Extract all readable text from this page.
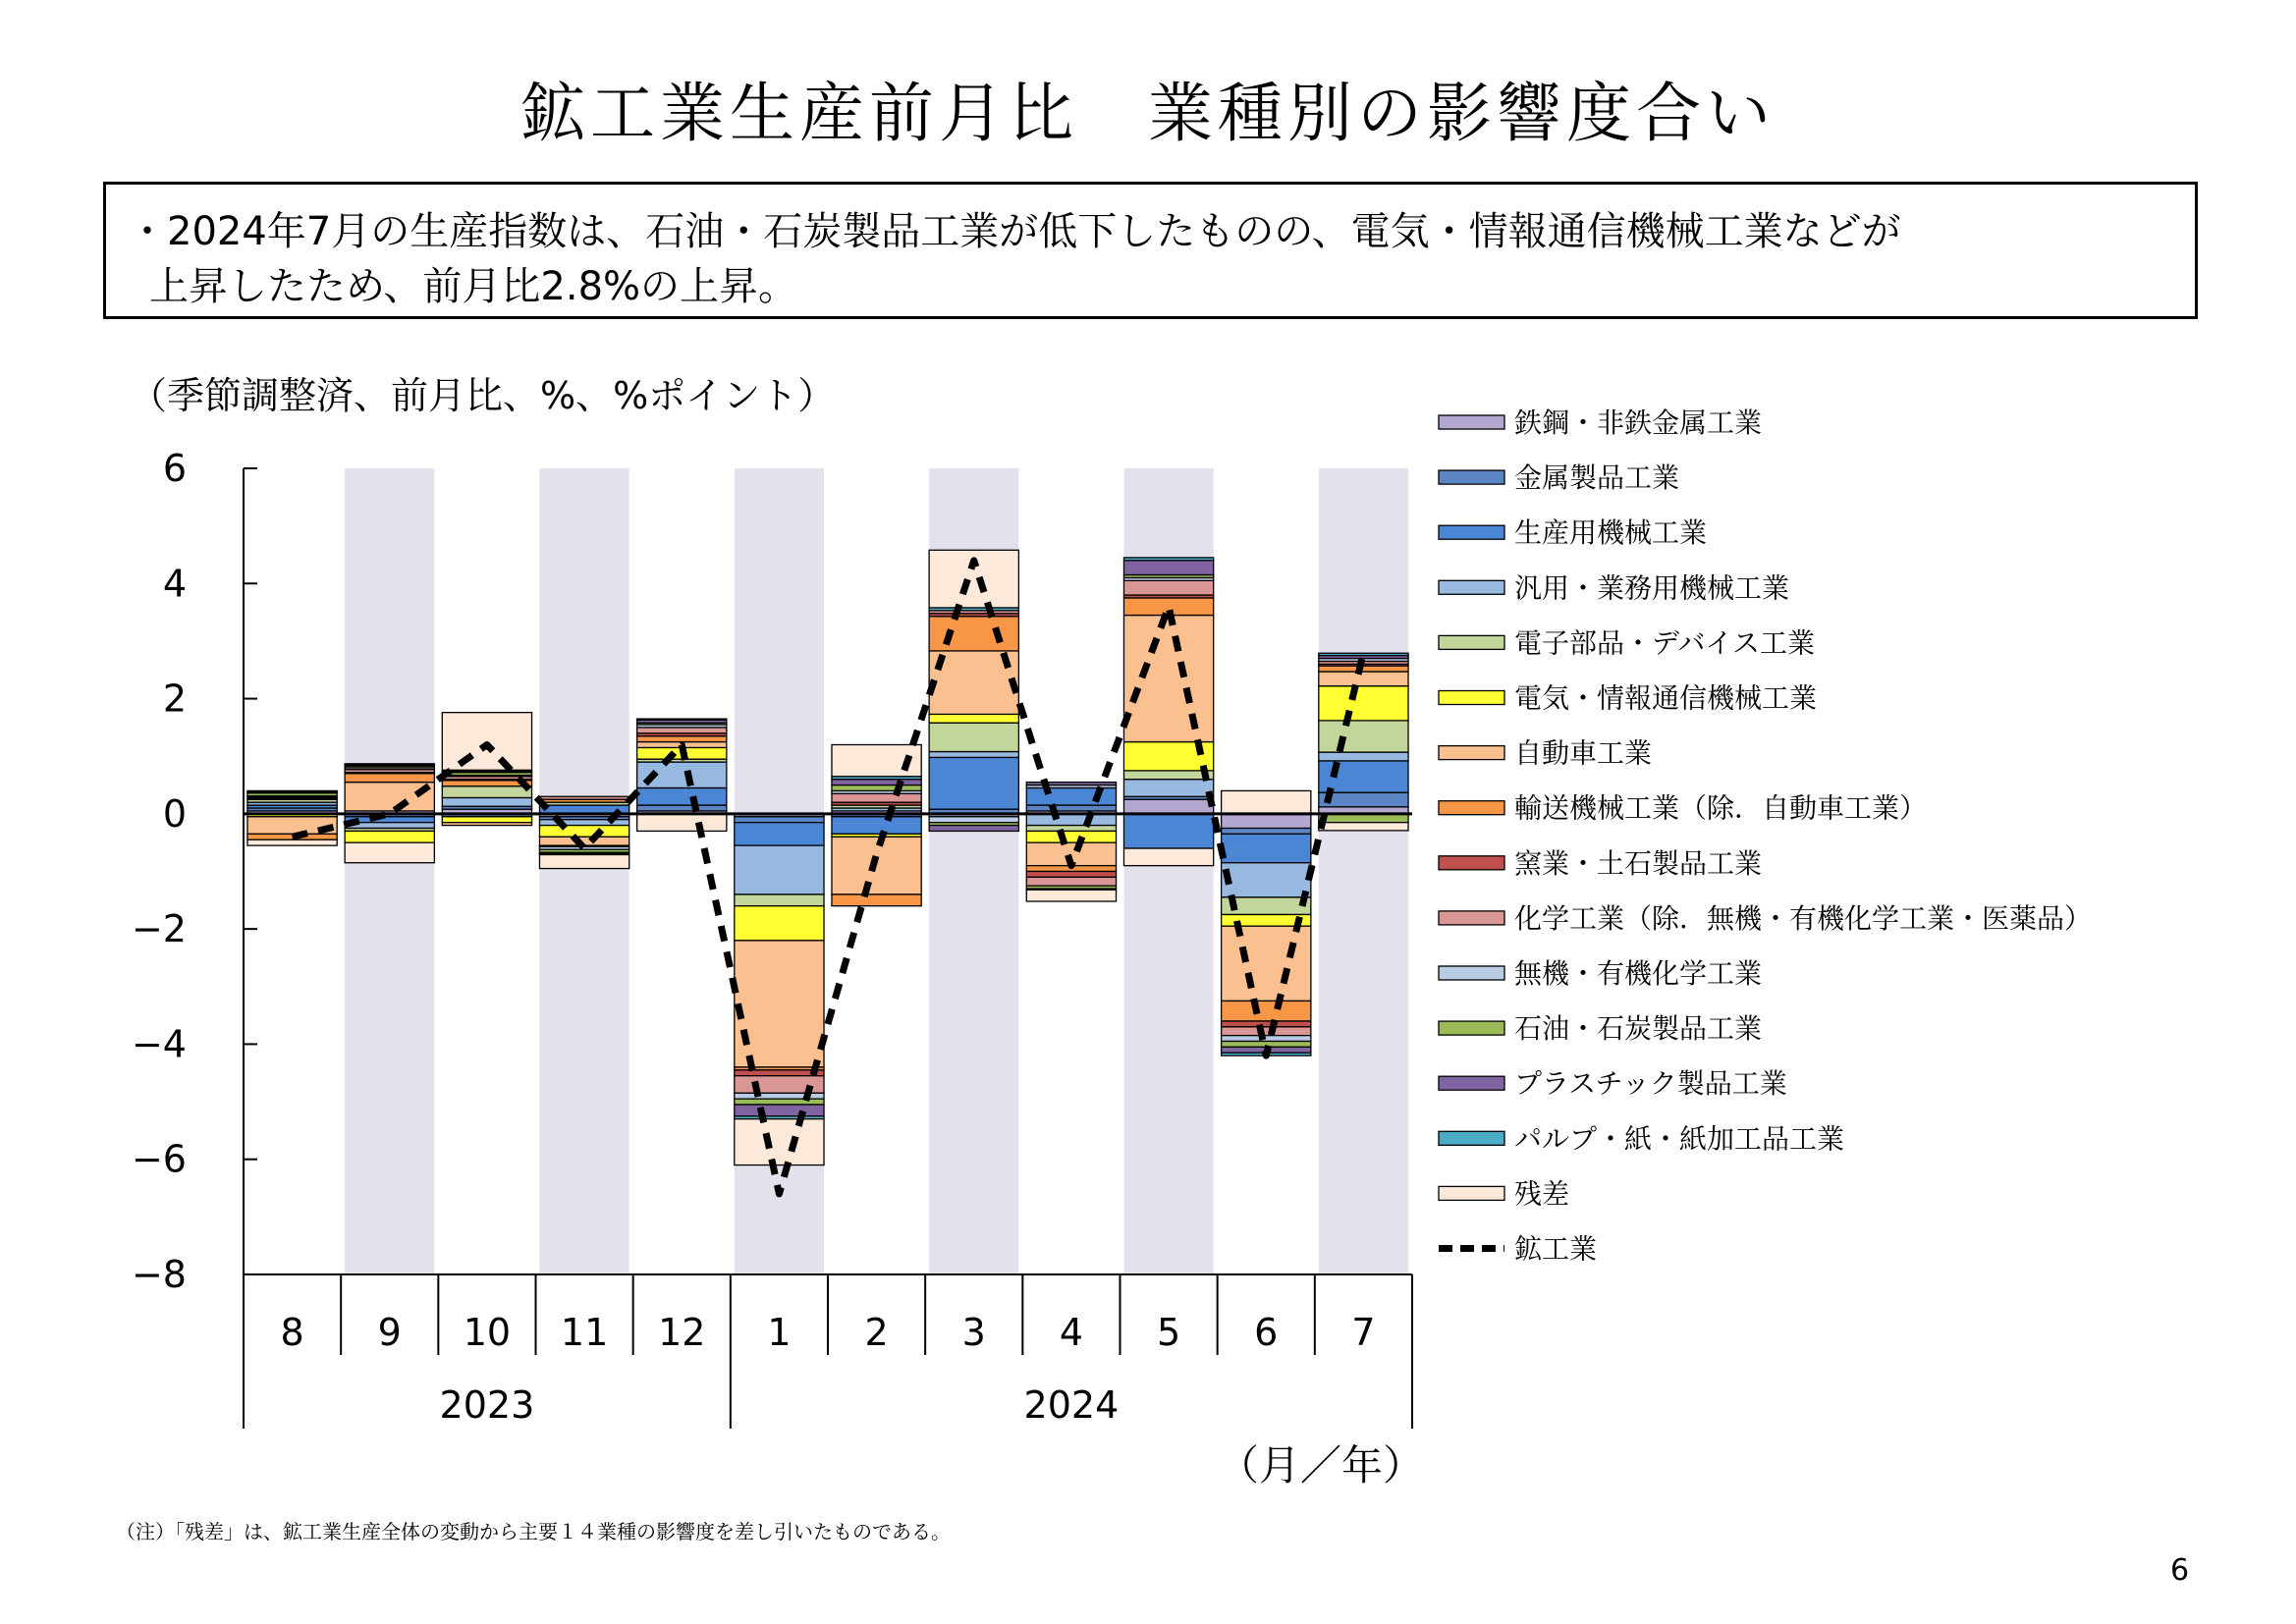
鉱工業生産前月比　業種別の影響度合い
・2024年7月の生産指数は、石油・石炭製品工業が低下したものの、電気・情報通信機械工業などが
上昇したため、前月比2.8%の上昇。
（季節調整済、前月比、%、%ポイント）
−8
−6
−4
−2
0
2
4
6
8 9 10 11 12 1 2 3 4 5 6 7
2023	2024
鉄鋼・非鉄金属工業
金属製品工業
生産用機械工業
汎用・業務用機械工業
電子部品・デバイス工業
電気・情報通信機械工業
自動車工業
輸送機械工業（除．自動車工業）
窯業・土石製品工業
化学工業（除．無機・有機化学工業・医薬品）
無機・有機化学工業
石油・石炭製品工業
プラスチック製品工業
パルプ・紙・紙加工品工業
残差
鉱工業
（月／年）
（注）「残差」は、鉱工業生産全体の変動から主要１４業種の影響度を差し引いたものである。
6
